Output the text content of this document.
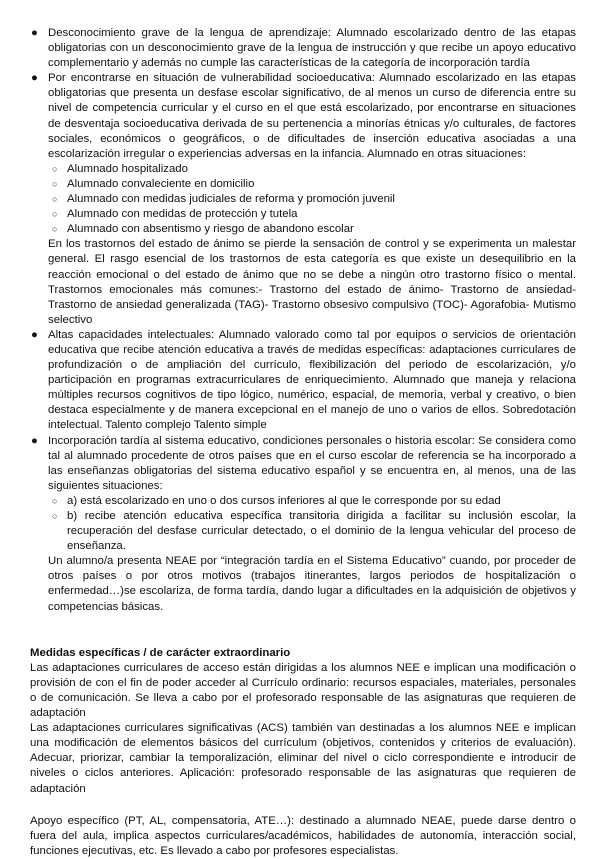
● Desconocimiento grave de la lengua de aprendizaje: Alumnado escolarizado dentro de las etapas obligatorias con un desconocimiento grave de la lengua de instrucción y que recibe un apoyo educativo complementario y además no cumple las características de la categoría de incorporación tardía

● Por encontrarse en situación de vulnerabilidad socioeducativa: Alumnado escolarizado en las etapas obligatorias que presenta un desfase escolar significativo, de al menos un curso de diferencia entre su nivel de competencia curricular y el curso en el que está escolarizado, por encontrarse en situaciones de desventaja socioeducativa derivada de su pertenencia a minorías étnicas y/o culturales, de factores sociales, económicos o geográficos, o de dificultades de inserción educativa asociadas a una escolarización irregular o experiencias adversas en la infancia. Alumnado en otras situaciones:

○ Alumnado hospitalizado

○ Alumnado convaleciente en domicilio

○ Alumnado con medidas judiciales de reforma y promoción juvenil

○ Alumnado con medidas de protección y tutela

○ Alumnado con absentismo y riesgo de abandono escolar

En los trastornos del estado de ánimo se pierde la sensación de control y se experimenta un malestar general. El rasgo esencial de los trastornos de esta categoría es que existe un desequilibrio en la reacción emocional o del estado de ánimo que no se debe a ningún otro trastorno físico o mental. Trastornos emocionales más comunes:- Trastorno del estado de ánimo- Trastorno de ansiedad- Trastorno de ansiedad generalizada (TAG)- Trastorno obsesivo compulsivo (TOC)- Agorafobia- Mutismo selectivo

● Altas capacidades intelectuales: Alumnado valorado como tal por equipos o servicios de orientación educativa que recibe atención educativa a través de medidas específicas: adaptaciones curriculares de profundización o de ampliación del currículo, flexibilización del periodo de escolarización, y/o participación en programas extracurriculares de enriquecimiento. Alumnado que maneja y relaciona múltiples recursos cognitivos de tipo lógico, numérico, espacial, de memoria, verbal y creativo, o bien destaca especialmente y de manera excepcional en el manejo de uno o varios de ellos. Sobredotación intelectual. Talento complejo Talento simple

● Incorporación tardía al sistema educativo, condiciones personales o historia escolar: Se considera como tal al alumnado procedente de otros países que en el curso escolar de referencia se ha incorporado a las enseñanzas obligatorias del sistema educativo español y se encuentra en, al menos, una de las siguientes situaciones:

○ a) está escolarizado en uno o dos cursos inferiores al que le corresponde por su edad

○ b) recibe atención educativa específica transitoria dirigida a facilitar su inclusión escolar, la recuperación del desfase curricular detectado, o el dominio de la lengua vehicular del proceso de enseñanza.

Un alumno/a presenta NEAE por “integración tardía en el Sistema Educativo” cuando, por proceder de otros países o por otros motivos (trabajos itinerantes, largos periodos de hospitalización o enfermedad…)se escolariza, de forma tardía, dando lugar a dificultades en la adquisición de objetivos y competencias básicas.

Medidas específicas / de carácter extraordinario

Las adaptaciones curriculares de acceso están dirigidas a los alumnos NEE e implican una modificación o provisión de con el fin de poder acceder al Currículo ordinario: recursos espaciales, materiales, personales o de comunicación. Se lleva a cabo por el profesorado responsable de las asignaturas que requieren de adaptación

Las adaptaciones curriculares significativas (ACS) también van destinadas a los alumnos NEE e implican una modificación de elementos básicos del currículum (objetivos, contenidos y criterios de evaluación). Adecuar, priorizar, cambiar la temporalización, eliminar del nivel o ciclo correspondiente e introducir de niveles o ciclos anteriores. Aplicación: profesorado responsable de las asignaturas que requieren de adaptación

Apoyo específico (PT, AL, compensatoria, ATE…): destinado a alumnado NEAE, puede darse dentro o fuera del aula, implica aspectos curriculares/académicos, habilidades de autonomía, interacción social, funciones ejecutivas, etc. Es llevado a cabo por profesores especialistas.
